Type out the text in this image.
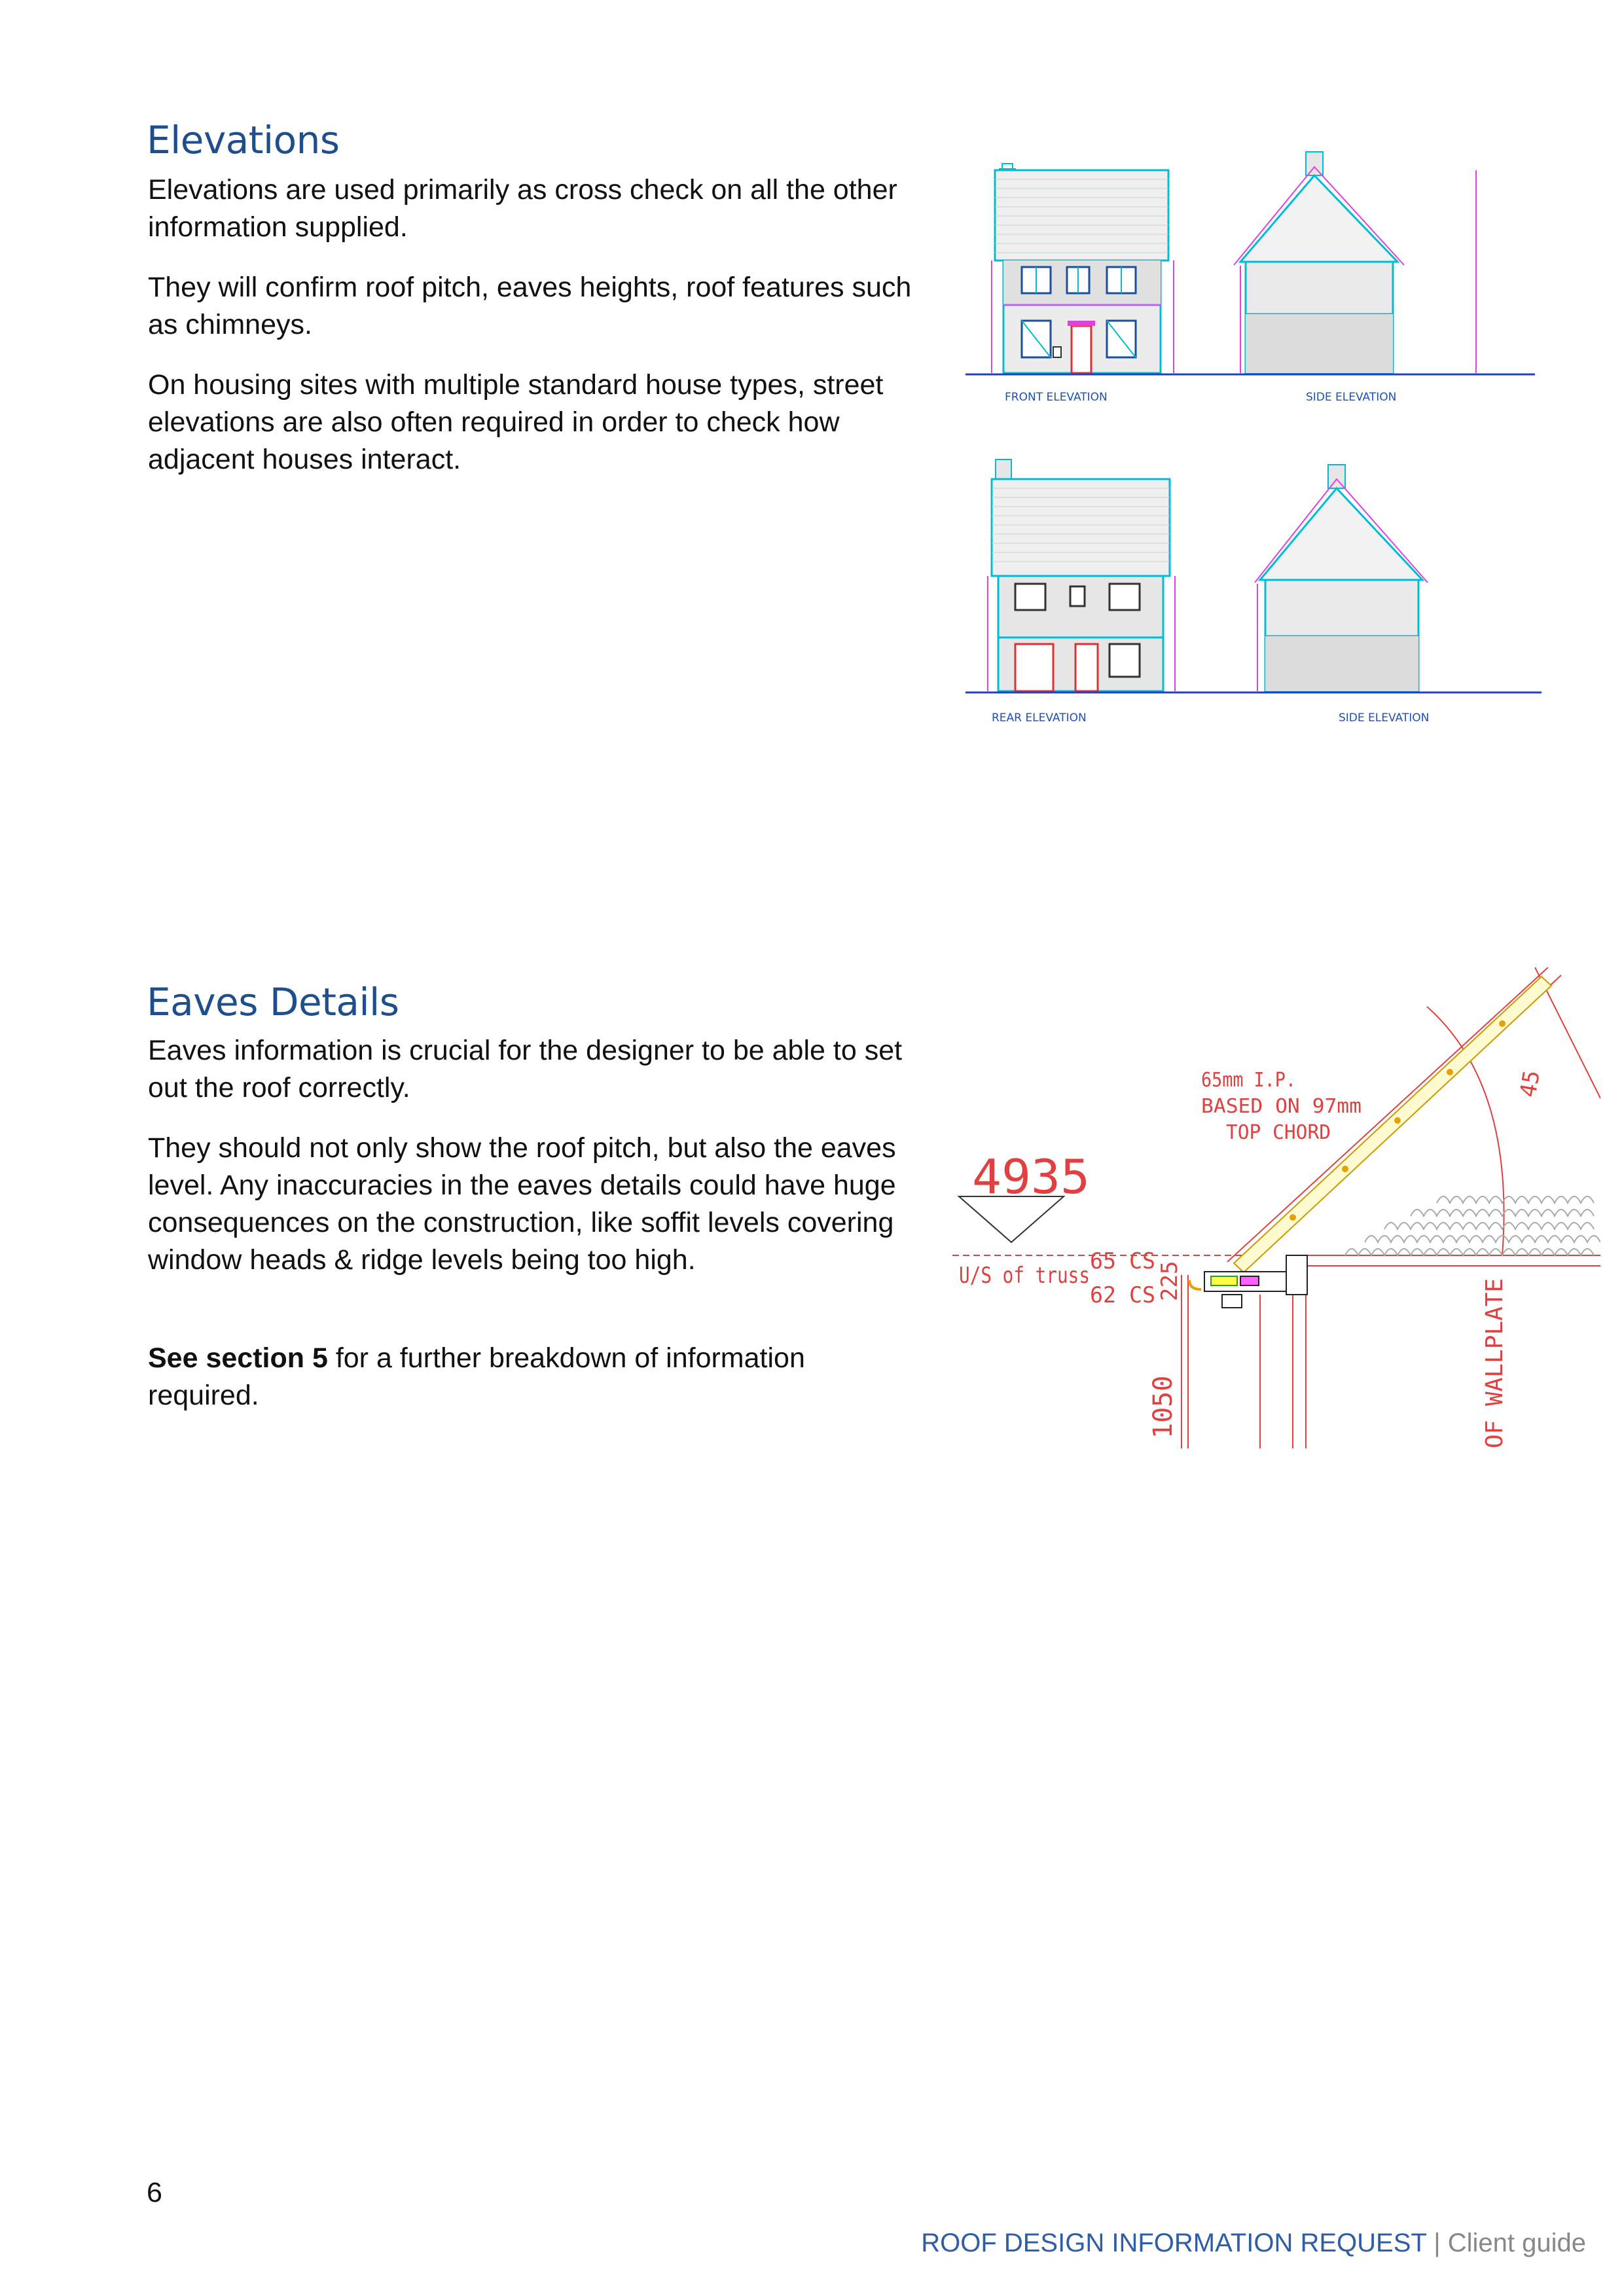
Elevations

Elevations are used primarily as cross check on all the other information supplied.

They will confirm roof pitch, eaves heights, roof features such as chimneys.

On housing sites with multiple standard house types, street elevations are also often required in order to check how adjacent houses interact.

FRONT ELEVATION	SIDE ELEVATION
REAR ELEVATION	SIDE ELEVATION
Eaves Details

Eaves information is crucial for the designer to be able to set out the roof correctly.

They should not only show the roof pitch, but also the eaves level. Any inaccuracies in the eaves details could have huge consequences on the construction, like soffit levels covering window heads & ridge levels being too high.

See section 5 for a further breakdown of information required.

65mm I.P.
BASED ON 97mm
TOP CHORD
4935
U/S of truss
65 CS
62 CS 225
1050	OF WALLPLATE
45
6
ROOF DESIGN INFORMATION REQUEST | Client guide
